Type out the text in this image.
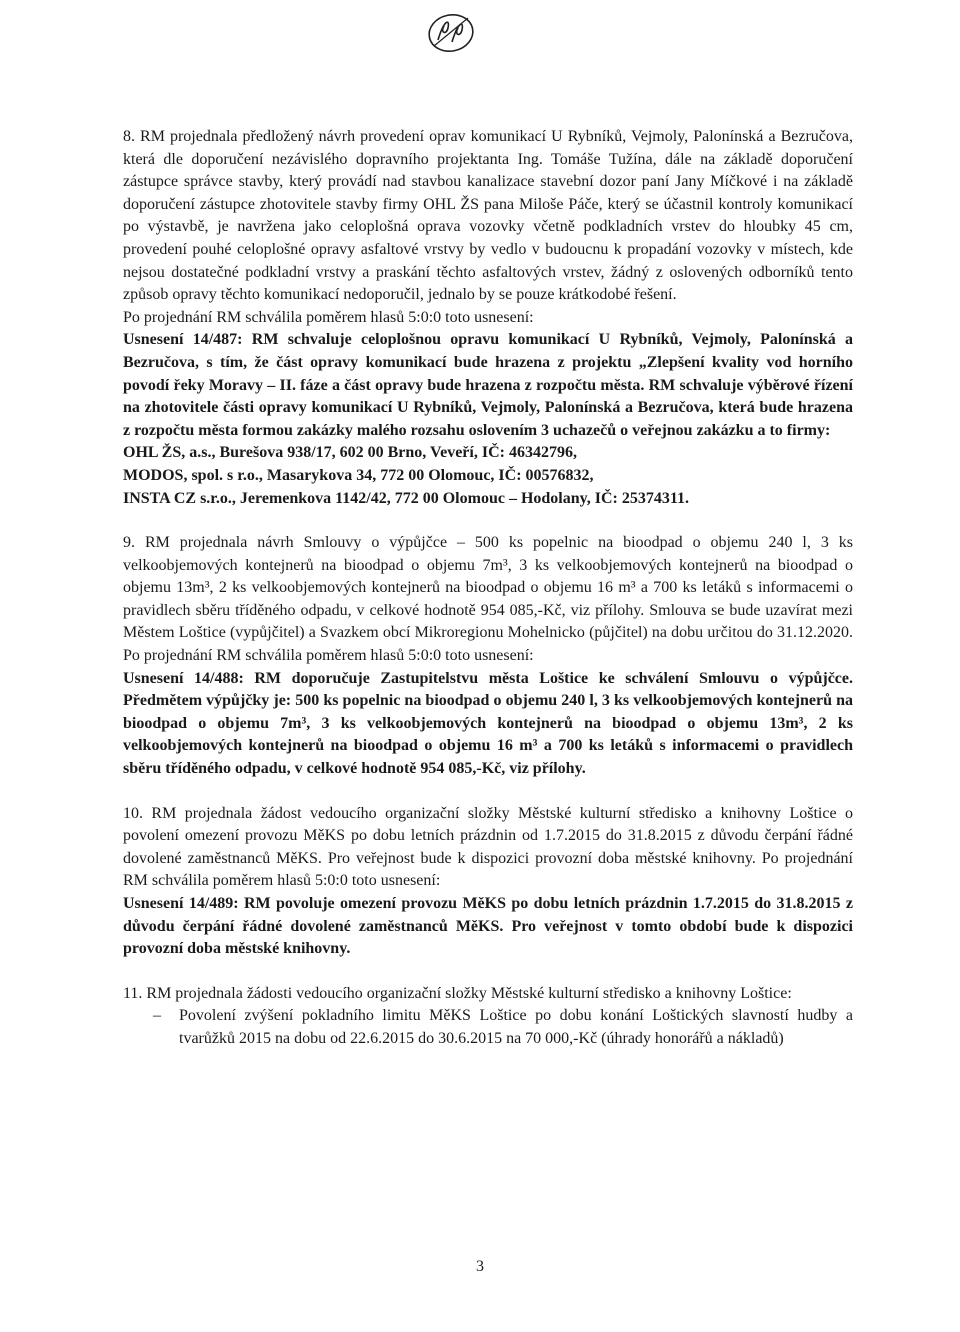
8. RM projednala předložený návrh provedení oprav komunikací U Rybníků, Vejmoly, Palonínská a Bezručova, která dle doporučení nezávislého dopravního projektanta Ing. Tomáše Tužína, dále na základě doporučení zástupce správce stavby, který provádí nad stavbou kanalizace stavební dozor paní Jany Míčkové i na základě doporučení zástupce zhotovitele stavby firmy OHL ŽS pana Miloše Páče, který se účastnil kontroly komunikací po výstavbě, je navržena jako celoplošná oprava vozovky včetně podkladních vrstev do hloubky 45 cm, provedení pouhé celoplošné opravy asfaltové vrstvy by vedlo v budoucnu k propadání vozovky v místech, kde nejsou dostatečné podkladní vrstvy a praskání těchto asfaltových vrstev, žádný z oslovených odborníků tento způsob opravy těchto komunikací nedoporučil, jednalo by se pouze krátkodobé řešení.

Po projednání RM schválila poměrem hlasů 5:0:0 toto usnesení:

Usnesení 14/487: RM schvaluje celoplošnou opravu komunikací U Rybníků, Vejmoly, Palonínská a Bezručova, s tím, že část opravy komunikací bude hrazena z projektu „Zlepšení kvality vod horního povodí řeky Moravy – II. fáze a část opravy bude hrazena z rozpočtu města. RM schvaluje výběrové řízení na zhotovitele části opravy komunikací U Rybníků, Vejmoly, Palonínská a Bezručova, která bude hrazena z rozpočtu města formou zakázky malého rozsahu oslovením 3 uchazečů o veřejnou zakázku a to firmy:

OHL ŽS, a.s., Burešova 938/17, 602 00 Brno, Veveří, IČ: 46342796,

MODOS, spol. s r.o., Masarykova 34, 772 00 Olomouc, IČ: 00576832,

INSTA CZ s.r.o., Jeremenkova 1142/42, 772 00 Olomouc – Hodolany, IČ: 25374311.

9. RM projednala návrh Smlouvy o výpůjčce – 500 ks popelnic na bioodpad o objemu 240 l, 3 ks velkoobjemových kontejnerů na bioodpad o objemu 7m³, 3 ks velkoobjemových kontejnerů na bioodpad o objemu 13m³, 2 ks velkoobjemových kontejnerů na bioodpad o objemu 16 m³ a 700 ks letáků s informacemi o pravidlech sběru tříděného odpadu, v celkové hodnotě 954 085,-Kč, viz přílohy. Smlouva se bude uzavírat mezi Městem Loštice (vypůjčitel) a Svazkem obcí Mikroregionu Mohelnicko (půjčitel) na dobu určitou do 31.12.2020. Po projednání RM schválila poměrem hlasů 5:0:0 toto usnesení:

Usnesení 14/488: RM doporučuje Zastupitelstvu města Loštice ke schválení Smlouvu o výpůjčce. Předmětem výpůjčky je: 500 ks popelnic na bioodpad o objemu 240 l, 3 ks velkoobjemových kontejnerů na bioodpad o objemu 7m³, 3 ks velkoobjemových kontejnerů na bioodpad o objemu 13m³, 2 ks velkoobjemových kontejnerů na bioodpad o objemu 16 m³ a 700 ks letáků s informacemi o pravidlech sběru tříděného odpadu, v celkové hodnotě 954 085,-Kč, viz přílohy.

10. RM projednala žádost vedoucího organizační složky Městské kulturní středisko a knihovny Loštice o povolení omezení provozu MěKS po dobu letních prázdnin od 1.7.2015 do 31.8.2015 z důvodu čerpání řádné dovolené zaměstnanců MěKS. Pro veřejnost bude k dispozici provozní doba městské knihovny. Po projednání RM schválila poměrem hlasů 5:0:0 toto usnesení:

Usnesení 14/489: RM povoluje omezení provozu MěKS po dobu letních prázdnin 1.7.2015 do 31.8.2015 z důvodu čerpání řádné dovolené zaměstnanců MěKS. Pro veřejnost v tomto období bude k dispozici provozní doba městské knihovny.

11. RM projednala žádosti vedoucího organizační složky Městské kulturní středisko a knihovny Loštice:

–	Povolení zvýšení pokladního limitu MěKS Loštice po dobu konání Loštických slavností hudby a tvarůžků 2015 na dobu od 22.6.2015 do 30.6.2015 na 70 000,-Kč (úhrady honorářů a nákladů)
3
